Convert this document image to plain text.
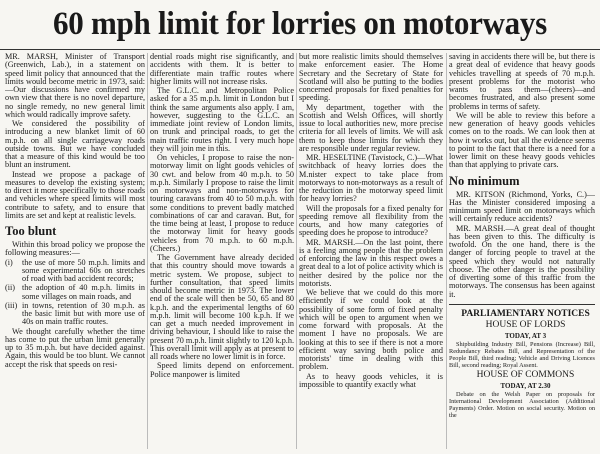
60 mph limit for lorries on motorways

MR. MARSH, Minister of Transport (Greenwich, Lab.), in a statement on speed limit policy that announced that the limits would become metric in 1973, said:—Our discussions have confirmed my own view that there is no novel departure, no single remedy, no new general limit which would radically improve safety.

We considered the possibility of introducing a new blanket limit of 60 m.p.h. on all single carriageway roads outside towns. But we have concluded that a measure of this kind would be too blunt an instrument.

Instead we propose a package of measures to develop the existing system; to direct it more specifically to those roads and vehicles where speed limits will most contribute to safety, and to ensure that limits are set and kept at realistic levels.

Too blunt

Within this broad policy we propose the following measures:—

(i) the use of more 50 m.p.h. limits and some experimental 60s on stretches of road with bad accident records;
(ii) the adoption of 40 m.p.h. limits in some villages on main roads, and
(iii) in towns, retention of 30 m.p.h. as the basic limit but with more use of 40s on main traffic routes.

We thought carefully whether the time has come to put the urban limit generally up to 35 m.p.h. but have decided against. Again, this would be too blunt. We cannot accept the risk that speeds on resi-

dential roads might rise significantly, and accidents with them. It is better to differentiate main traffic routes where higher limits will not increase risks.

The G.L.C. and Metropolitan Police asked for a 35 m.p.h. limit in London but I think the same arguments also apply. I am, however, suggesting to the G.L.C. an immediate joint review of London limits, on trunk and principal roads, to get the main traffic routes right. I very much hope they will join me in this.

On vehicles, I propose to raise the non-motorway limit on light goods vehicles of 30 cwt. and below from 40 m.p.h. to 50 m.p.h. Similarly I propose to raise the limit on motorways and non-motorways for touring caravans from 40 to 50 m.p.h. with some conditions to prevent badly matched combinations of car and caravan. But, for the time being at least, I propose to reduce the motorway limit for heavy goods vehicles from 70 m.p.h. to 60 m.p.h. (Cheers.)

The Government have already decided that this country should move towards a metric system. We propose, subject to further consultation, that speed limits should become metric in 1973. The lower end of the scale will then be 50, 65 and 80 k.p.h. and the experimental lengths of 60 m.p.h. limit will become 100 k.p.h. If we can get a much needed improvement in driving behaviour, I should like to raise the present 70 m.p.h. limit slightly to 120 k.p.h. This overall limit will apply as at present to all roads where no lower limit is in force.

Speed limits depend on enforcement. Police manpower is limited

but more realistic limits should themselves make enforcement easier. The Home Secretary and the Secretary of State for Scotland will also be putting to the bodies concerned proposals for fixed penalties for speeding.

My department, together with the Scottish and Welsh Offices, will shortly issue to local authorities new, more precise criteria for all levels of limits. We will ask them to keep those limits for which they are responsible under regular review.

MR. HESELTINE (Tavistock, C.)—What switchback of heavy lorries does the M.nister expect to take place from motorways to non-motorways as a result of the reduction in the motorway speed limit for heavy lorries?

Will the proposals for a fixed penalty for speeding remove all flexibility from the courts, and how many categories of speeding does he propose to introduce?

MR. MARSH.—On the last point, there is a feeling among people that the problem of enforcing the law in this respect owes a great deal to a lot of police activity which is neither desired by the police nor the motorists.

We believe that we could do this more efficiently if we could look at the possibility of some form of fixed penalty which will be open to argument when we come forward with proposals. At the moment I have no proposals. We are looking at this to see if there is not a more efficient way saving both police and motorists' time in dealing with this problem.

As to heavy goods vehicles, it is impossible to quantify exactly what

saving in accidents there will be, but there is a great deal of evidence that heavy goods vehicles travelling at speeds of 70 m.p.h. present problems for the motorist who wants to pass them—(cheers)—and becomes frustrated, and also present some problems in terms of safety.

We will be able to review this before a new generation of heavy goods vehicles comes on to the roads. We can look then at how it works out, but all the evidence seems to point to the fact that there is a need for a lower limit on these heavy goods vehicles than that applying to private cars.

No minimum

MR. KITSON (Richmond, Yorks, C.)—Has the Minister considered imposing a minimum speed limit on motorways which will certainly reduce accidents?

MR. MARSH.—A great deal of thought has been given to this. The difficulty is twofold. On the one hand, there is the danger of forcing people to travel at the speed which they would not naturally choose. The other danger is the possibility of diverting some of this traffic from the motorways. The consensus has been against it.

PARLIAMENTARY NOTICES

HOUSE OF LORDS

TODAY, AT 3

Shipbuilding Industry Bill, Pensions (Increase) Bill, Redundancy Rebates Bill, and Representation of the People Bill, third reading; Vehicle and Driving Licences Bill, second reading; Royal Assent.

HOUSE OF COMMONS

TODAY, AT 2.30

Debate on the Welsh Paper on proposals for International Development Association (Additional Payments) Order. Motion on social security. Motion on the
